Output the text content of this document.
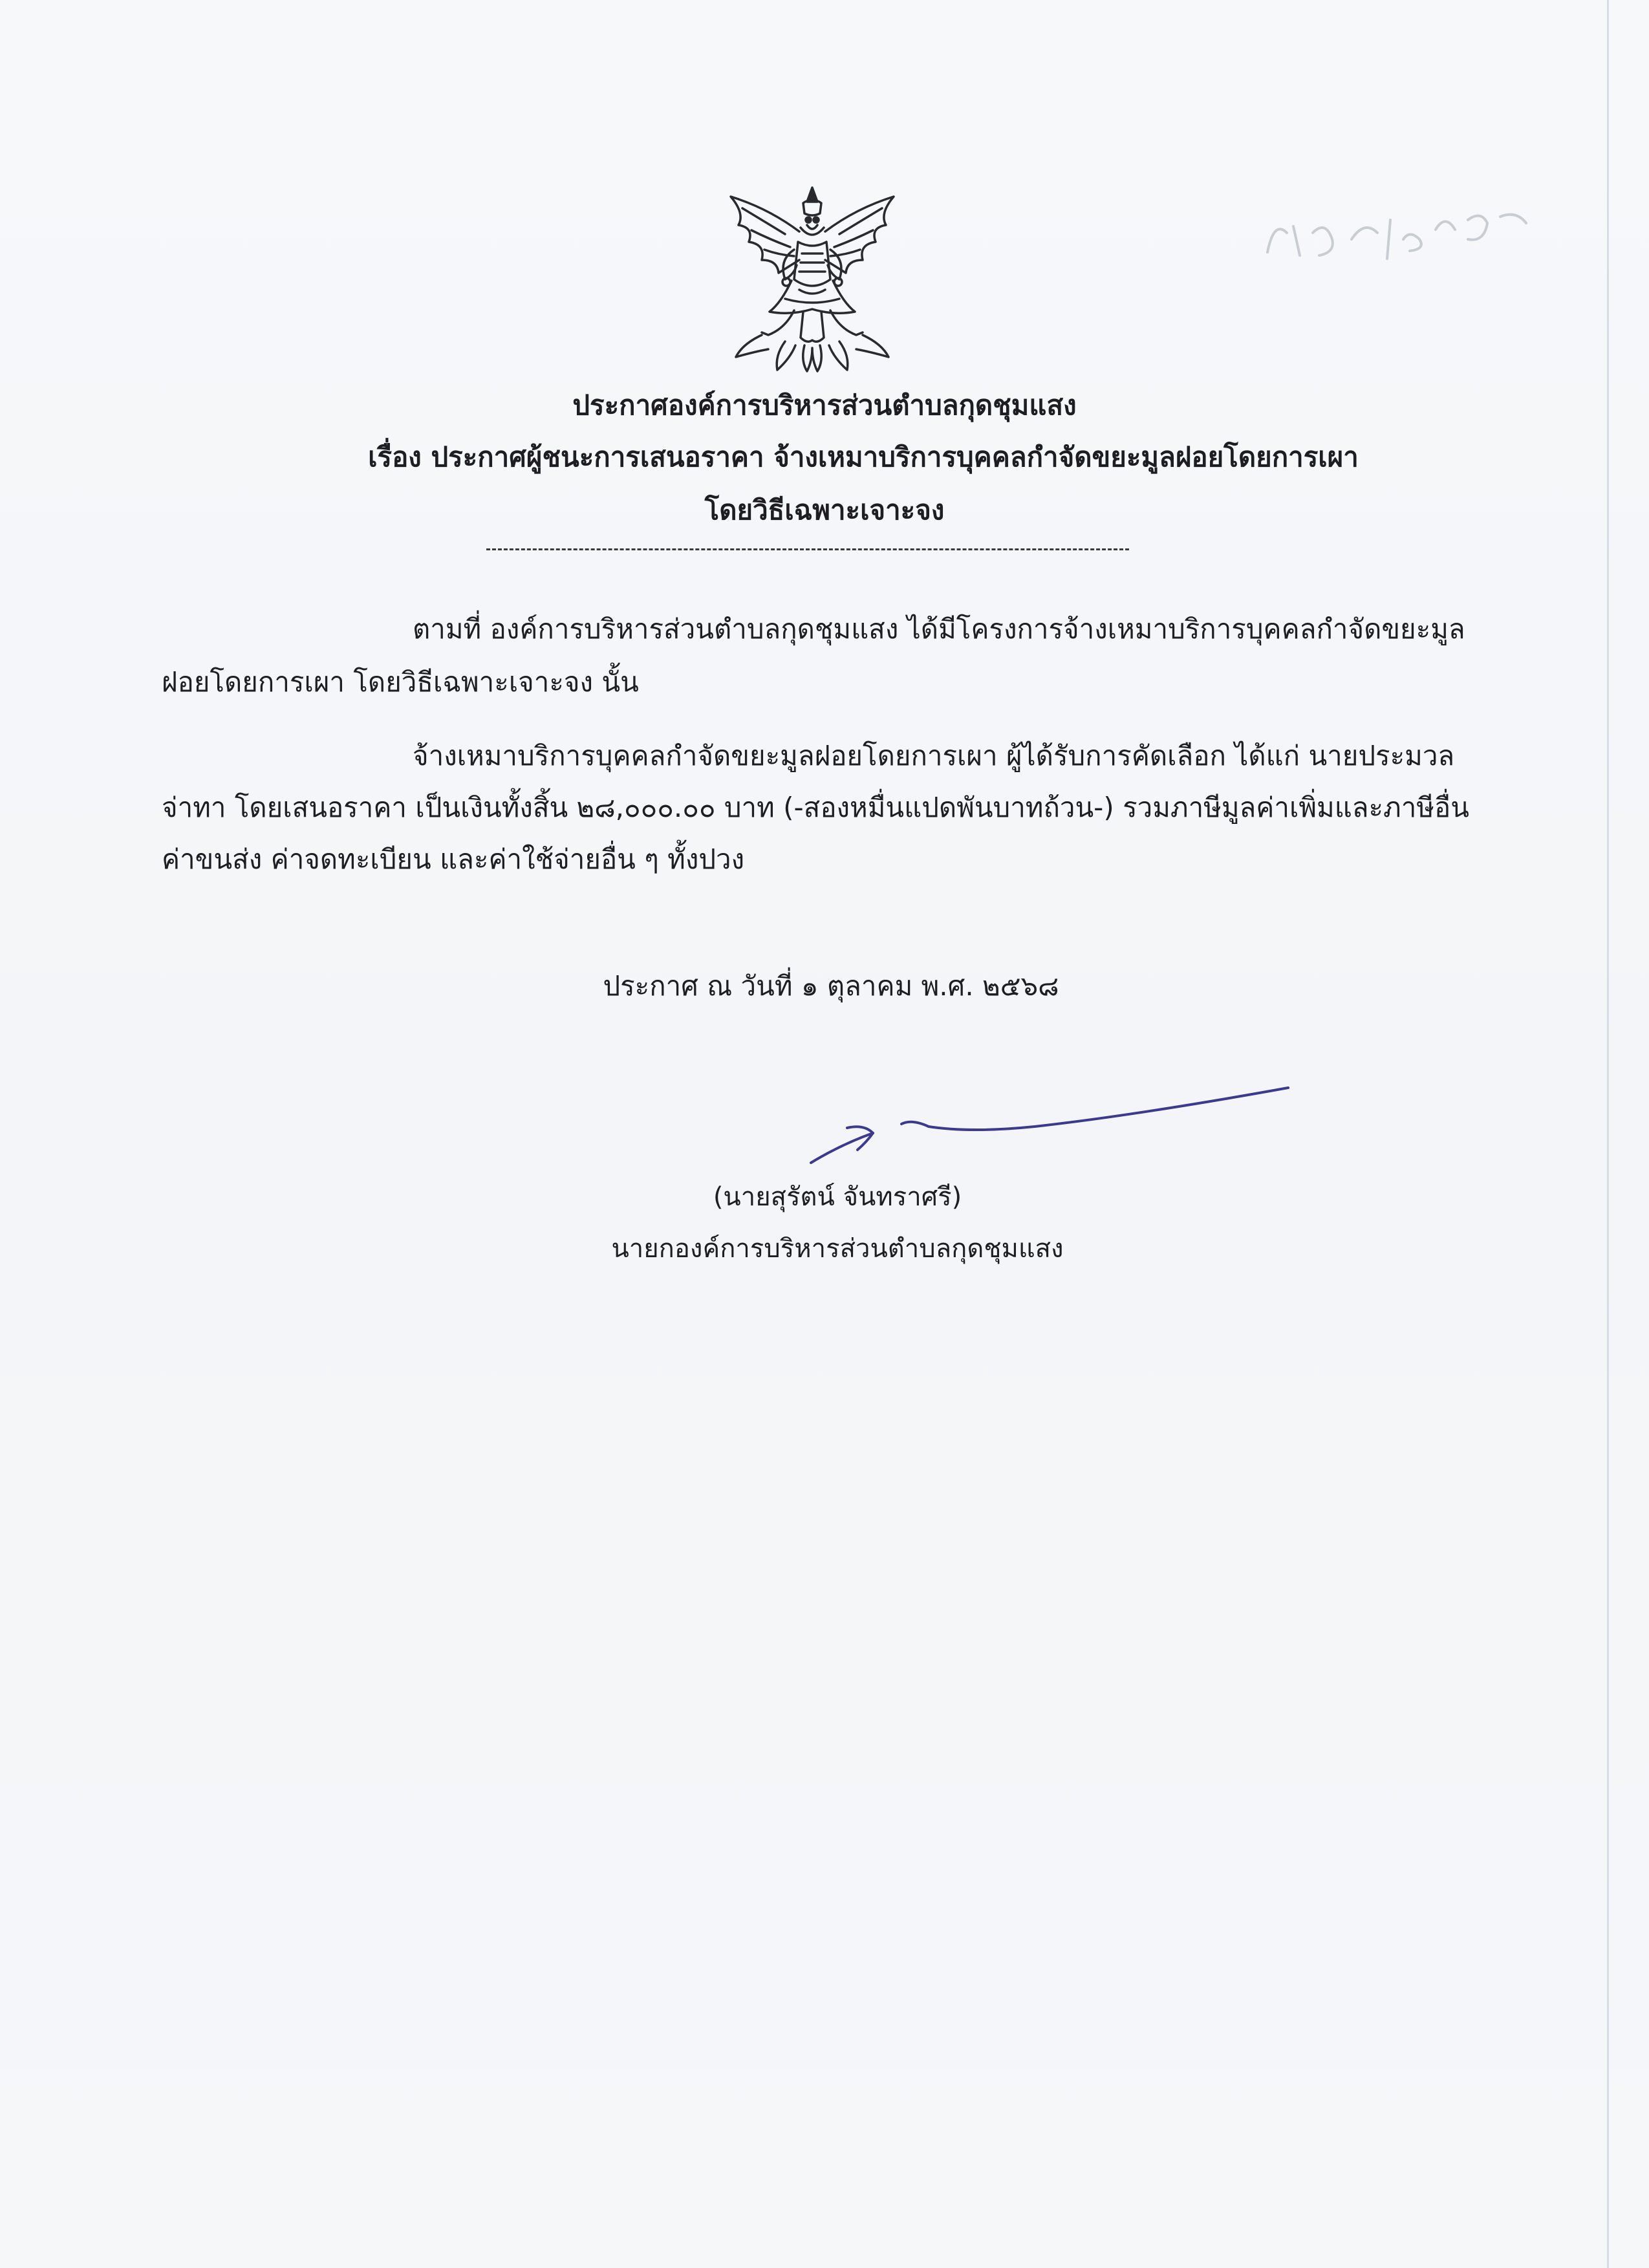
ประกาศองค์การบริหารส่วนตำบลกุดชุมแสง
เรื่อง ประกาศผู้ชนะการเสนอราคา จ้างเหมาบริการบุคคลกำจัดขยะมูลฝอยโดยการเผา
โดยวิธีเฉพาะเจาะจง
ตามที่ องค์การบริหารส่วนตำบลกุดชุมแสง ได้มีโครงการจ้างเหมาบริการบุคคลกำจัดขยะมูล
ฝอยโดยการเผา โดยวิธีเฉพาะเจาะจง นั้น
จ้างเหมาบริการบุคคลกำจัดขยะมูลฝอยโดยการเผา ผู้ได้รับการคัดเลือก ได้แก่ นายประมวล
จ่าทา โดยเสนอราคา เป็นเงินทั้งสิ้น ๒๘,๐๐๐.๐๐ บาท (-สองหมื่นแปดพันบาทถ้วน-) รวมภาษีมูลค่าเพิ่มและภาษีอื่น
ค่าขนส่ง ค่าจดทะเบียน และค่าใช้จ่ายอื่น ๆ ทั้งปวง
ประกาศ ณ วันที่ ๑ ตุลาคม พ.ศ. ๒๕๖๘
(นายสุรัตน์ จันทราศรี)
นายกองค์การบริหารส่วนตำบลกุดชุมแสง
